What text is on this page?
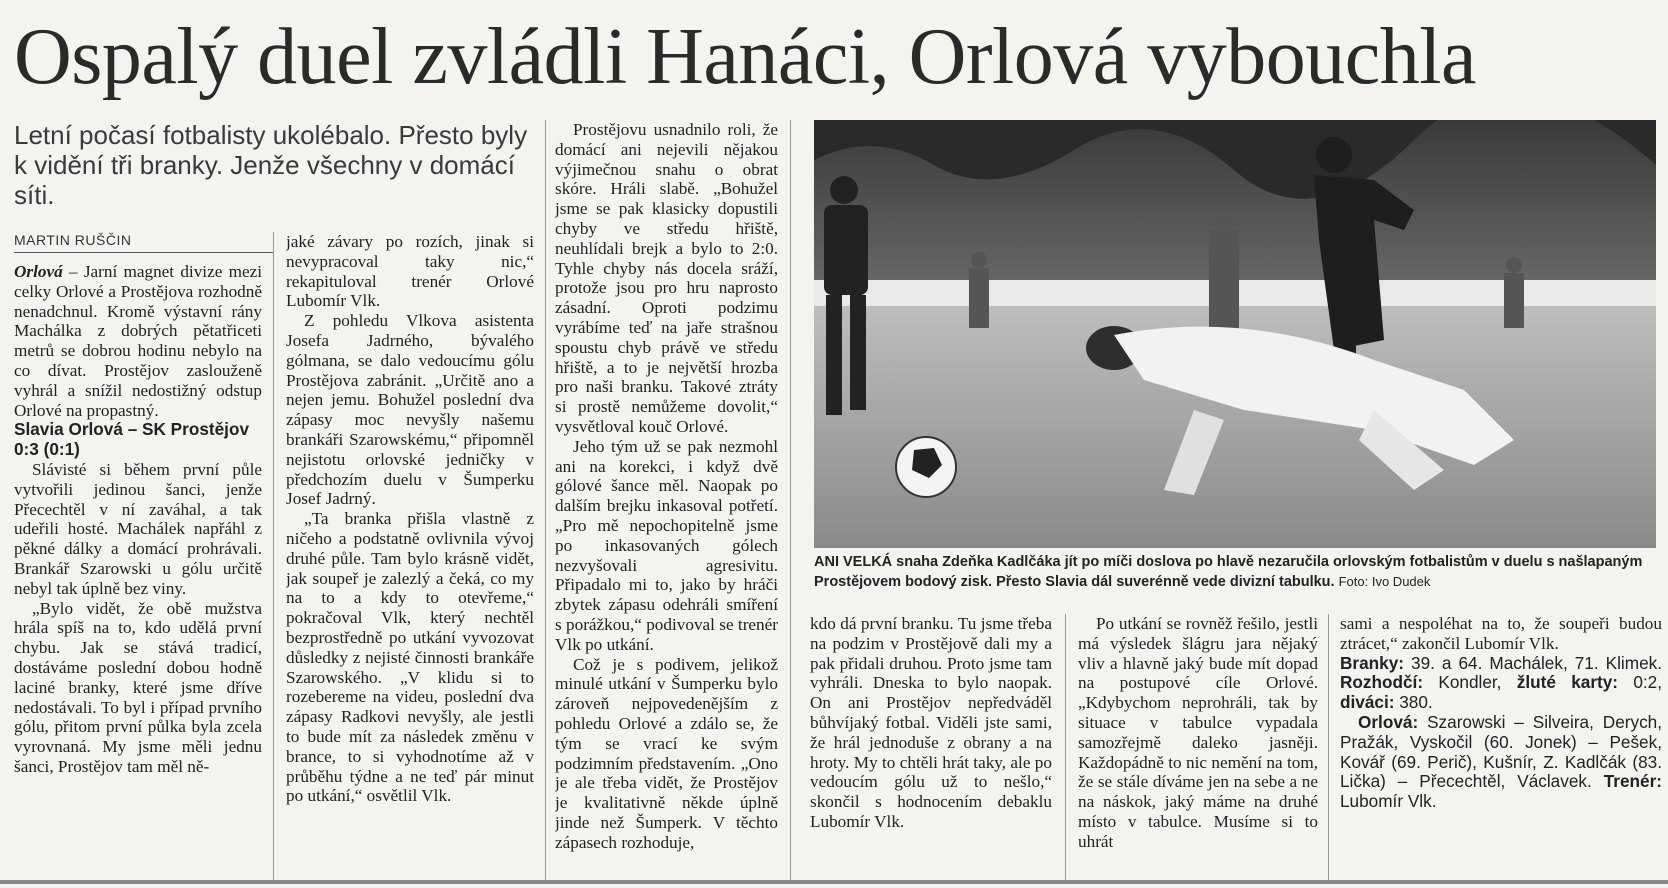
Ospalý duel zvládli Hanáci, Orlová vybouchla
Letní počasí fotbalisty ukolébalo. Přesto byly k vidění tři branky. Jenže všechny v domácí síti.
MARTIN RUŠČIN

Orlová – Jarní magnet divize mezi celky Orlové a Prostějova rozhodně nenadchnul. Kromě výstavní rány Machálka z dobrých pětatřiceti metrů se dobrou hodinu nebylo na co dívat. Prostějov zaslouženě vyhrál a snížil nedostižný odstup Orlové na propastný.

Slavia Orlová – SK Prostějov

0:3 (0:1)

Slávisté si během první půle vytvořili jedinou šanci, jenže Přecechtěl v ní zaváhal, a tak udeřili hosté. Machálek napřáhl z pěkné dálky a domácí prohrávali. Brankář Szarowski u gólu určitě nebyl tak úplně bez viny.

„Bylo vidět, že obě mužstva hrála spíš na to, kdo udělá první chybu. Jak se stává tradicí, dostáváme poslední dobou hodně laciné branky, které jsme dříve nedostávali. To byl i případ prvního gólu, přitom první půlka byla zcela vyrovnaná. My jsme měli jednu šanci, Prostějov tam měl ně-

jaké závary po rozích, jinak si nevypracoval taky nic,“ rekapituloval trenér Orlové Lubomír Vlk.

Z pohledu Vlkova asistenta Josefa Jadrného, bývalého gólmana, se dalo vedoucímu gólu Prostějova zabránit. „Určitě ano a nejen jemu. Bohužel poslední dva zápasy moc nevyšly našemu brankáři Szarowskému,“ připomněl nejistotu orlovské jedničky v předchozím duelu v Šumperku Josef Jadrný.

„Ta branka přišla vlastně z ničeho a podstatně ovlivnila vývoj druhé půle. Tam bylo krásně vidět, jak soupeř je zalezlý a čeká, co my na to a kdy to otevřeme,“ pokračoval Vlk, který nechtěl bezprostředně po utkání vyvozovat důsledky z nejisté činnosti brankáře Szarowského. „V klidu si to rozebereme na videu, poslední dva zápasy Radkovi nevyšly, ale jestli to bude mít za následek změnu v brance, to si vyhodnotíme až v průběhu týdne a ne teď pár minut po utkání,“ osvětlil Vlk.

Prostějovu usnadnilo roli, že domácí ani nejevili nějakou výjimečnou snahu o obrat skóre. Hráli slabě. „Bohužel jsme se pak klasicky dopustili chyby ve středu hřiště, neuhlídali brejk a bylo to 2:0. Tyhle chyby nás docela sráží, protože jsou pro hru naprosto zásadní. Oproti podzimu vyrábíme teď na jaře strašnou spoustu chyb právě ve středu hřiště, a to je největší hrozba pro naši branku. Takové ztráty si prostě nemůžeme dovolit,“ vysvětloval kouč Orlové.

Jeho tým už se pak nezmohl ani na korekci, i když dvě gólové šance měl. Naopak po dalším brejku inkasoval potřetí. „Pro mě nepochopitelně jsme po inkasovaných gólech nezvyšovali agresivitu. Připadalo mi to, jako by hráči zbytek zápasu odehráli smíření s porážkou,“ podivoval se trenér Vlk po utkání.

Což je s podivem, jelikož minulé utkání v Šumperku bylo zároveň nejpovedenějším z pohledu Orlové a zdálo se, že tým se vrací ke svým podzimním představením. „Ono je ale třeba vidět, že Prostějov je kvalitativně někde úplně jinde než Šumperk. V těchto zápasech rozhoduje,

ANI VELKÁ snaha Zdeňka Kadlčáka jít po míči doslova po hlavě nezaručila orlovským fotbalistům v duelu s našlapaným Prostějovem bodový zisk. Přesto Slavia dál suverénně vede divizní tabulku. Foto: Ivo Dudek

kdo dá první branku. Tu jsme třeba na podzim v Prostějově dali my a pak přidali druhou. Proto jsme tam vyhráli. Dneska to bylo naopak. On ani Prostějov nepředváděl bůhvíjaký fotbal. Viděli jste sami, že hrál jednoduše z obrany a na hroty. My to chtěli hrát taky, ale po vedoucím gólu už to nešlo,“ skončil s hodnocením debaklu Lubomír Vlk.

Po utkání se rovněž řešilo, jestli má výsledek šlágru jara nějaký vliv a hlavně jaký bude mít dopad na postupové cíle Orlové. „Kdybychom neprohráli, tak by situace v tabulce vypadala samozřejmě daleko jasněji. Každopádně to nic nemění na tom, že se stále díváme jen na sebe a ne na náskok, jaký máme na druhé místo v tabulce. Musíme si to uhrát

sami a nespoléhat na to, že soupeři budou ztrácet,“ zakončil Lubomír Vlk.

Branky: 39. a 64. Machálek, 71. Klimek. Rozhodčí: Kondler, žluté karty: 0:2, diváci: 380.

Orlová: Szarowski – Silveira, Derych, Pražák, Vyskočil (60. Jonek) – Pešek, Kovář (69. Perič), Kušnír, Z. Kadlčák (83. Lička) – Přecechtěl, Václavek. Trenér: Lubomír Vlk.
